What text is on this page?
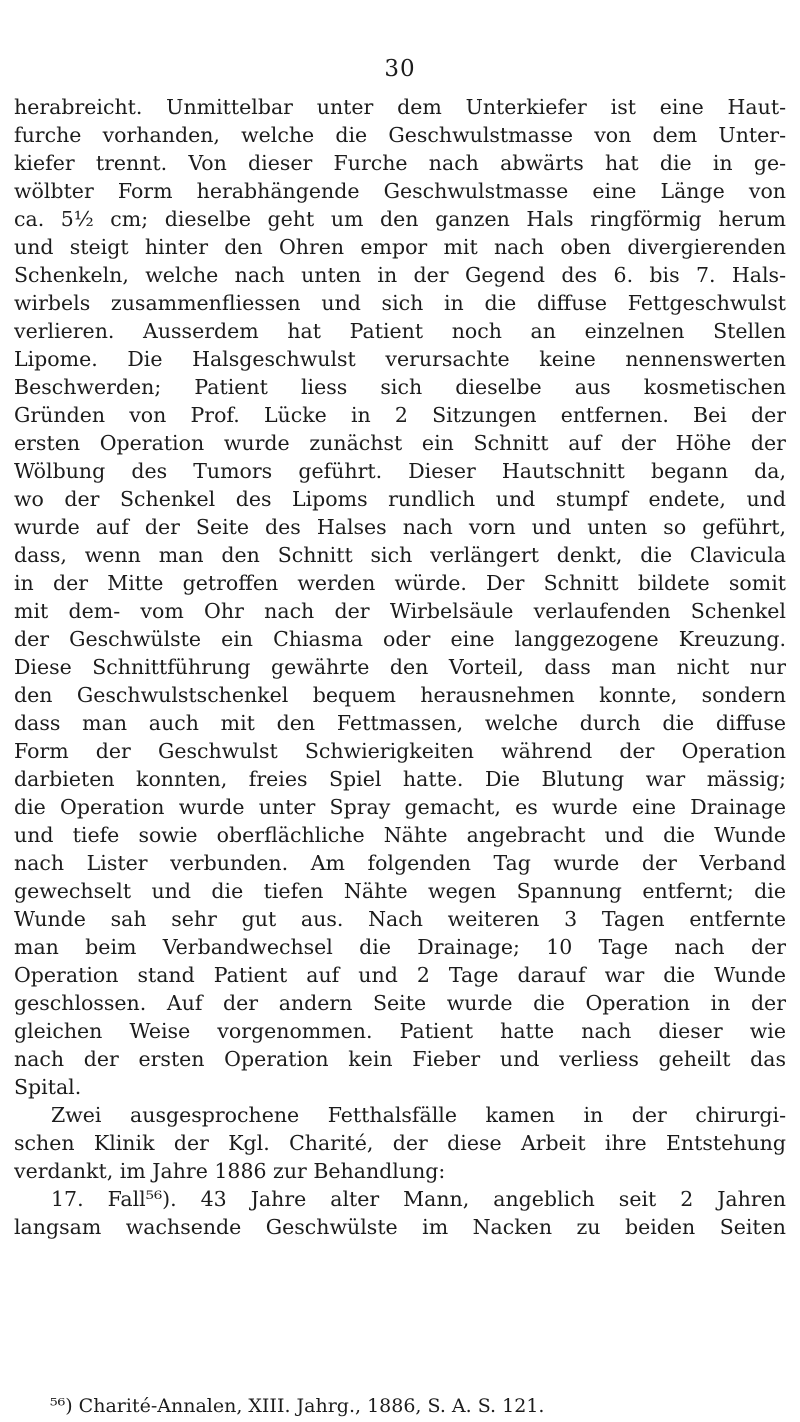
30
herabreicht. Unmittelbar unter dem Unterkiefer ist eine Haut-
furche vorhanden, welche die Geschwulstmasse von dem Unter-
kiefer trennt. Von dieser Furche nach abwärts hat die in ge-
wölbter Form herabhängende Geschwulstmasse eine Länge von
ca. 5½ cm; dieselbe geht um den ganzen Hals ringförmig herum
und steigt hinter den Ohren empor mit nach oben divergierenden
Schenkeln, welche nach unten in der Gegend des 6. bis 7. Hals-
wirbels zusammenfliessen und sich in die diffuse Fettgeschwulst
verlieren. Ausserdem hat Patient noch an einzelnen Stellen
Lipome. Die Halsgeschwulst verursachte keine nennenswerten
Beschwerden; Patient liess sich dieselbe aus kosmetischen
Gründen von Prof. Lücke in 2 Sitzungen entfernen. Bei der
ersten Operation wurde zunächst ein Schnitt auf der Höhe der
Wölbung des Tumors geführt. Dieser Hautschnitt begann da,
wo der Schenkel des Lipoms rundlich und stumpf endete, und
wurde auf der Seite des Halses nach vorn und unten so geführt,
dass, wenn man den Schnitt sich verlängert denkt, die Clavicula
in der Mitte getroffen werden würde. Der Schnitt bildete somit
mit dem- vom Ohr nach der Wirbelsäule verlaufenden Schenkel
der Geschwülste ein Chiasma oder eine langgezogene Kreuzung.
Diese Schnittführung gewährte den Vorteil, dass man nicht nur
den Geschwulstschenkel bequem herausnehmen konnte, sondern
dass man auch mit den Fettmassen, welche durch die diffuse
Form der Geschwulst Schwierigkeiten während der Operation
darbieten konnten, freies Spiel hatte. Die Blutung war mässig;
die Operation wurde unter Spray gemacht, es wurde eine Drainage
und tiefe sowie oberflächliche Nähte angebracht und die Wunde
nach Lister verbunden. Am folgenden Tag wurde der Verband
gewechselt und die tiefen Nähte wegen Spannung entfernt; die
Wunde sah sehr gut aus. Nach weiteren 3 Tagen entfernte
man beim Verbandwechsel die Drainage; 10 Tage nach der
Operation stand Patient auf und 2 Tage darauf war die Wunde
geschlossen. Auf der andern Seite wurde die Operation in der
gleichen Weise vorgenommen. Patient hatte nach dieser wie
nach der ersten Operation kein Fieber und verliess geheilt das
Spital.
Zwei ausgesprochene Fetthalsfälle kamen in der chirurgi-
schen Klinik der Kgl. Charité, der diese Arbeit ihre Entstehung
verdankt, im Jahre 1886 zur Behandlung:
17. Fall⁵⁶). 43 Jahre alter Mann, angeblich seit 2 Jahren
langsam wachsende Geschwülste im Nacken zu beiden Seiten
⁵⁶) Charité-Annalen, XIII. Jahrg., 1886, S. A. S. 121.
